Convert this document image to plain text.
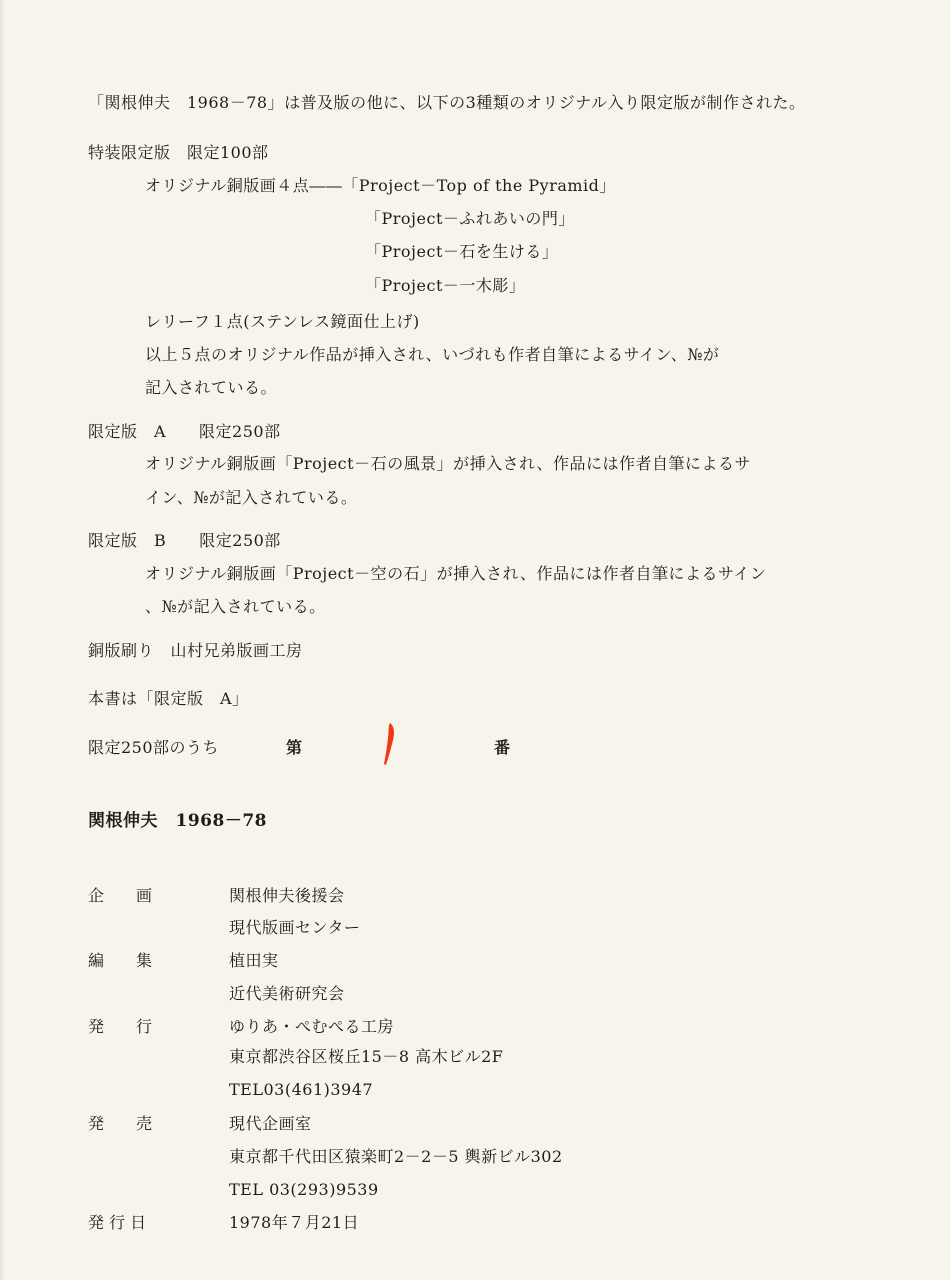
「関根伸夫　1968－78」は普及版の他に、以下の3種類のオリジナル入り限定版が制作された。
特装限定版　限定100部
オリジナル銅版画４点――「Project－Top of the Pyramid」
「Project－ふれあいの門」
「Project－石を生ける」
「Project－一木彫」
レリーフ１点(ステンレス鏡面仕上げ)
以上５点のオリジナル作品が挿入され、いづれも作者自筆によるサイン、№が
記入されている。
限定版　A　　限定250部
オリジナル銅版画「Project－石の風景」が挿入され、作品には作者自筆によるサ
イン、№が記入されている。
限定版　B　　限定250部
オリジナル銅版画「Project－空の石」が挿入され、作品には作者自筆によるサイン
、№が記入されている。
銅版刷り　山村兄弟版画工房
本書は「限定版　A」
限定250部のうち	第	番
関根伸夫　1968－78
企　　画	関根伸夫後援会
現代版画センター
編　　集	植田実
近代美術研究会
発　　行	ゆりあ・ぺむぺる工房
東京都渋谷区桜丘15－8 高木ビル2F
TEL03(461)3947
発　　売	現代企画室
東京都千代田区猿楽町2－2－5 輿新ビル302
TEL 03(293)9539
発 行 日	1978年７月21日
